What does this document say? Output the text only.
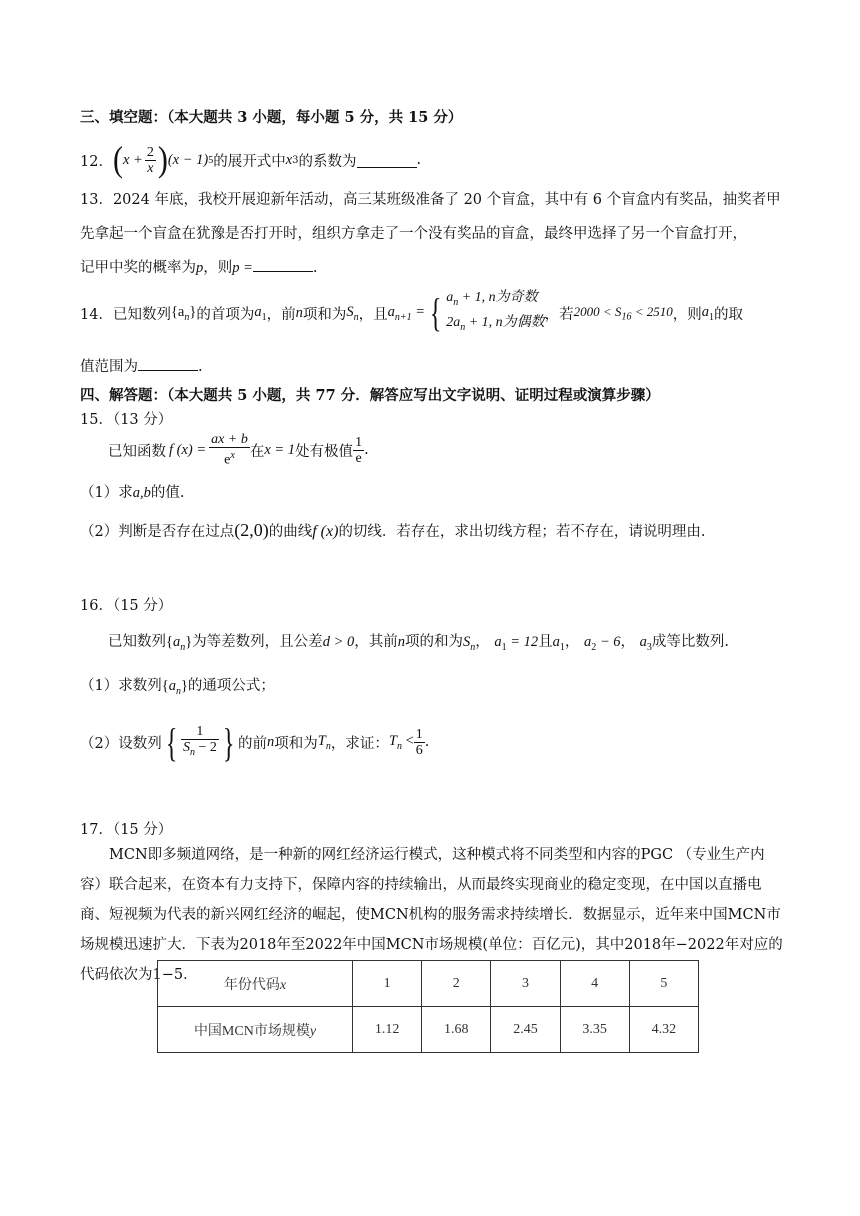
三、填空题：（本大题共 3 小题，每小题 5 分，共 15 分）
12． ( $x + \frac{2}{x}$ ) (x − 1) 5 的展开式中 x 3 的系数为	.
13．2024 年底，我校开展迎新年活动，高三某班级准备了 20 个盲盒，其中有 6 个盲盒内有奖品，抽奖者甲
先拿起一个盲盒在犹豫是否打开时，组织方拿走了一个没有奖品的盲盒，最终甲选择了另一个盲盒打开，
记甲中奖的概率为p，则p =	.
14．已知数列 $\{a_n\}$ 的首项为 $a_1$ ，前 n 项和为 $S_n$ ，且 $a_{n+1}$ = { $a_n + 1$, n为奇数
$2a_n + 1$, n为偶数 ，若 $2000 < S_{16} < 2510$ ，则 $a_1$ 的取
值范围为	.
四、解答题：（本大题共 5 小题，共 77 分．解答应写出文字说明、证明过程或演算步骤）
15．（13 分）
已知函数 f $(x) = \frac{ax + b}{e^x}$ 在 x = 1 处有极值 $\frac{1}{e}$ .
（1）求a,b的值.
（2）判断是否存在过点(2,0)的曲线f (x)的切线．若存在，求出切线方程；若不存在，请说明理由.
16．（15 分）
已知数列$\{a_n\}$为等差数列，且公差d > 0，其前n项的和为$S_n$， $a_1 = 12$且$a_1$， $a_2 - 6$， $a_3$成等比数列.
（1）求数列$\{a_n\}$的通项公式；
（2）设数列 { $\frac{1}{S_n - 2}$ } 的前 n 项和为 $T_n$ ，求证： $T_n < \frac{1}{6}$ .
17．（15 分）
MCN即多频道网络，是一种新的网红经济运行模式，这种模式将不同类型和内容的PGC （专业生产内容）联合起来，在资本有力支持下，保障内容的持续输出，从而最终实现商业的稳定变现，在中国以直播电商、短视频为代表的新兴网红经济的崛起，使MCN机构的服务需求持续增长．数据显示，近年来中国MCN市场规模迅速扩大．下表为2018年至2022年中国MCN市场规模(单位：百亿元)，其中2018年−2022年对应的代码依次为1−5．
年份代码x	1	2	3	4	5
中国MCN市场规模y	1.12	1.68	2.45	3.35	4.32
